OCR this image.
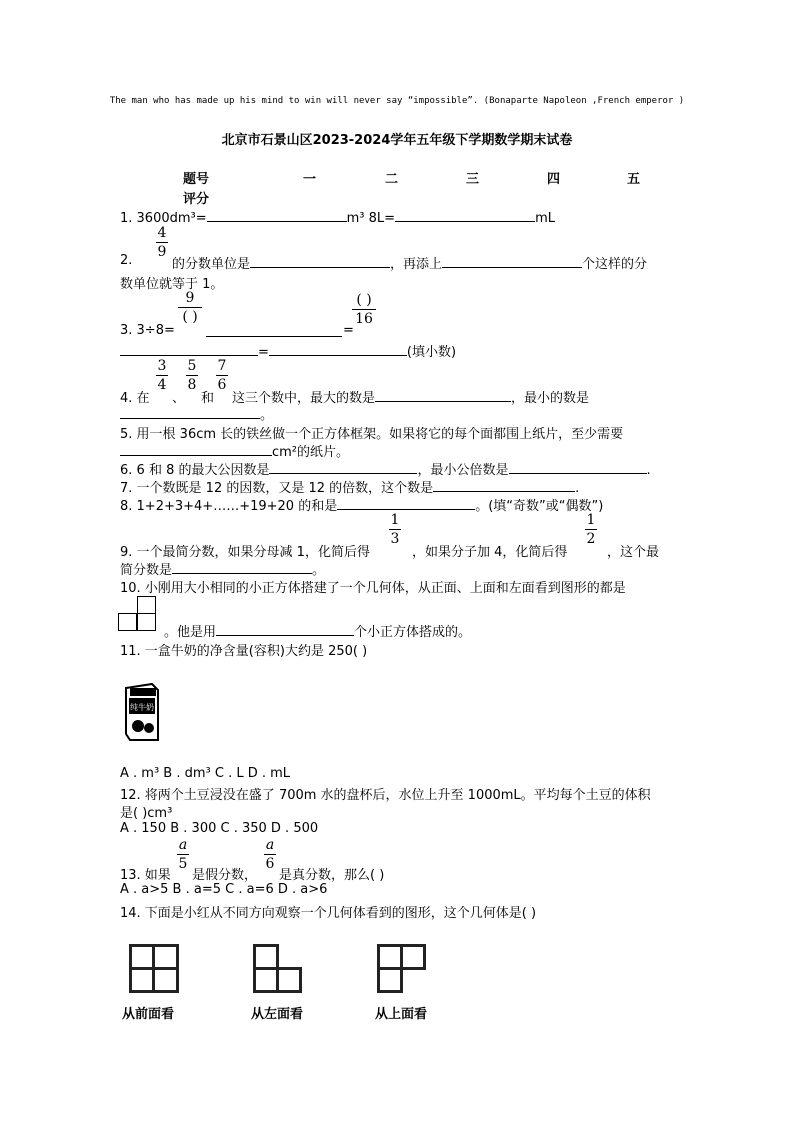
The man who has made up his mind to win will never say “impossible”. (Bonaparte Napoleon ,French emperor )
北京市石景山区2023-2024学年五年级下学期数学期末试卷
题号	一	二	三	四	五
评分
1. 3600dm³=	m³ 8L=	mL
2.
4
9
的分数单位是	，再添上	个这样的分
数单位就等于 1。
3. 3÷8=
9
( )
=
( )
16
=	(填小数)
4. 在
3
4
、
5
8
和
7
6
这三个数中，最大的数是	，最小的数是
。
5. 用一根 36cm 长的铁丝做一个正方体框架。如果将它的每个面都围上纸片，至少需要
cm²的纸片。
6. 6 和 8 的最大公因数是	，最小公倍数是	.
7. 一个数既是 12 的因数，又是 12 的倍数，这个数是	.
8. 1+2+3+4+……+19+20 的和是	。(填“奇数”或“偶数”)
9. 一个最简分数，如果分母减 1，化简后得
1
3
，如果分子加 4，化简后得
1
2
，这个最
简分数是	。
10. 小刚用大小相同的小正方体搭建了一个几何体，从正面、上面和左面看到图形的都是
。他是用	个小正方体搭成的。
11. 一盒牛奶的净含量(容积)大约是 250( )
纯牛奶
A . m³ B . dm³ C . L D . mL
12. 将两个土豆浸没在盛了 700m 水的盘杯后，水位上升至 1000mL。平均每个土豆的体积
是( )cm³
A . 150 B . 300 C . 350 D . 500
13. 如果
a
5
是假分数，
a
6
是真分数，那么( )
A . a>5 B . a=5 C . a=6 D . a>6
14. 下面是小红从不同方向观察一个几何体看到的图形，这个几何体是( )
从前面看	从左面看	从上面看
